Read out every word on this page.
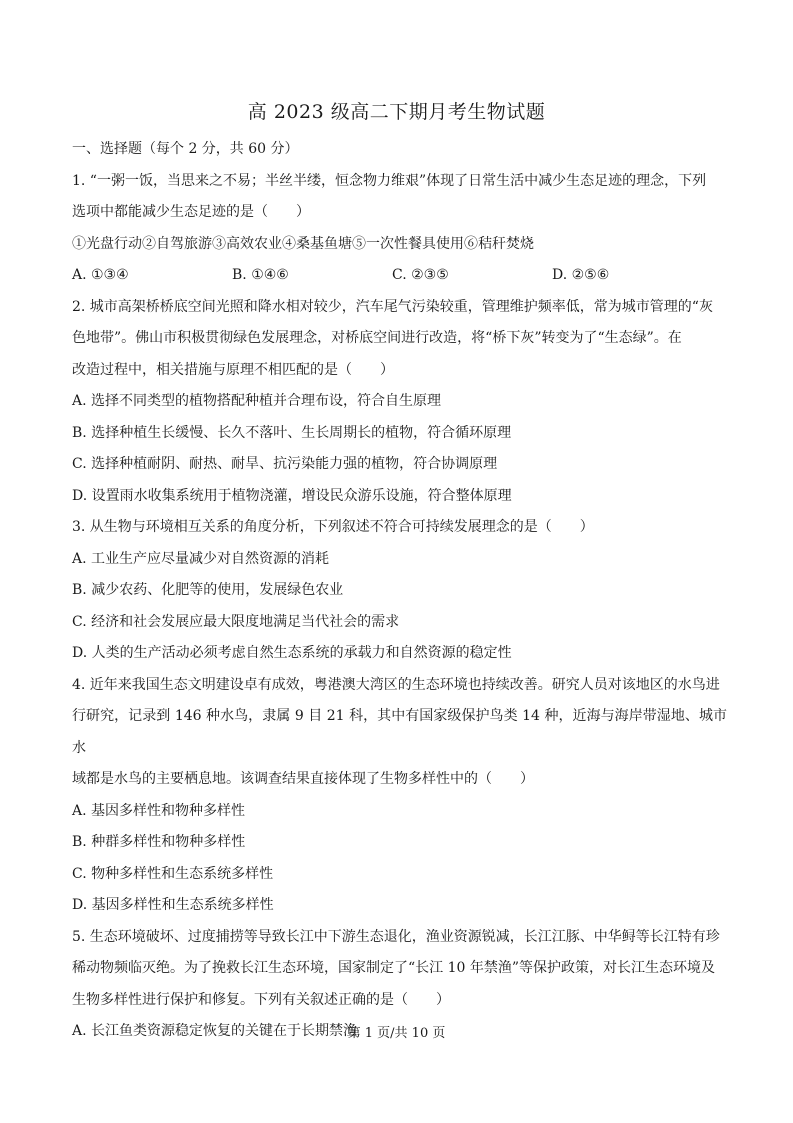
高 2023 级高二下期月考生物试题

一、选择题（每个 2 分，共 60 分）

1. “一粥一饭，当思来之不易；半丝半缕，恒念物力维艰”体现了日常生活中减少生态足迹的理念，下列

选项中都能减少生态足迹的是（　　）

①光盘行动②自驾旅游③高效农业④桑基鱼塘⑤一次性餐具使用⑥秸秆焚烧

A. ①③④	B. ①④⑥	C. ②③⑤	D. ②⑤⑥

2. 城市高架桥桥底空间光照和降水相对较少，汽车尾气污染较重，管理维护频率低，常为城市管理的“灰

色地带”。佛山市积极贯彻绿色发展理念，对桥底空间进行改造，将“桥下灰”转变为了“生态绿”。在

改造过程中，相关措施与原理不相匹配的是（　　）

A. 选择不同类型的植物搭配种植并合理布设，符合自生原理

B. 选择种植生长缓慢、长久不落叶、生长周期长的植物，符合循环原理

C. 选择种植耐阴、耐热、耐旱、抗污染能力强的植物，符合协调原理

D. 设置雨水收集系统用于植物浇灌，增设民众游乐设施，符合整体原理

3. 从生物与环境相互关系的角度分析，下列叙述不符合可持续发展理念的是（　　）

A. 工业生产应尽量减少对自然资源的消耗

B. 减少农药、化肥等的使用，发展绿色农业

C. 经济和社会发展应最大限度地满足当代社会的需求

D. 人类的生产活动必须考虑自然生态系统的承载力和自然资源的稳定性

4. 近年来我国生态文明建设卓有成效，粤港澳大湾区的生态环境也持续改善。研究人员对该地区的水鸟进

行研究，记录到 146 种水鸟，隶属 9 目 21 科，其中有国家级保护鸟类 14 种，近海与海岸带湿地、城市水

域都是水鸟的主要栖息地。该调查结果直接体现了生物多样性中的（　　）

A. 基因多样性和物种多样性

B. 种群多样性和物种多样性

C. 物种多样性和生态系统多样性

D. 基因多样性和生态系统多样性

5. 生态环境破坏、过度捕捞等导致长江中下游生态退化，渔业资源锐减，长江江豚、中华鲟等长江特有珍

稀动物频临灭绝。为了挽救长江生态环境，国家制定了“长江 10 年禁渔”等保护政策，对长江生态环境及

生物多样性进行保护和修复。下列有关叙述正确的是（　　）

A. 长江鱼类资源稳定恢复的关键在于长期禁渔

第 1 页/共 10 页
